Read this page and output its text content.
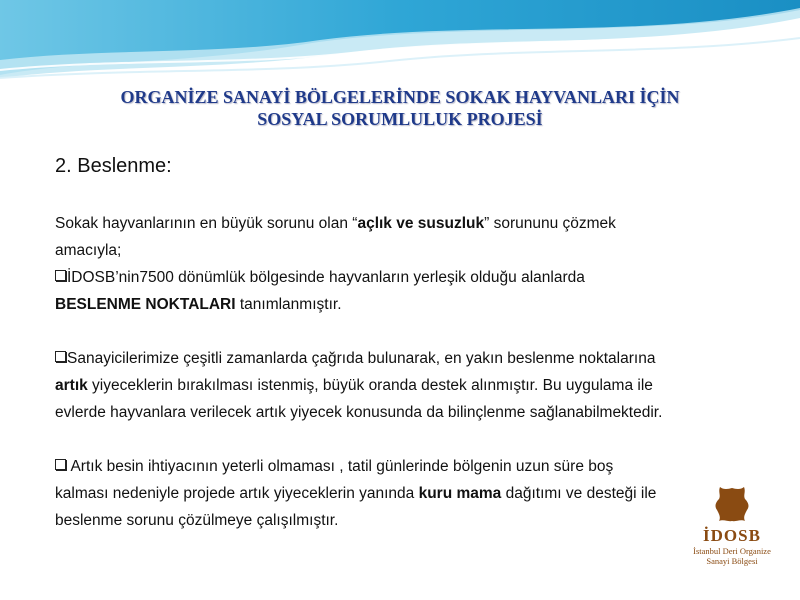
ORGANİZE SANAYİ BÖLGELERİNDE SOKAK HAYVANLARI İÇİN
SOSYAL SORUMLULUK PROJESİ
2. Beslenme:
Sokak hayvanlarının en büyük sorunu olan “açlık ve susuzluk” sorununu çözmek
amacıyla;
İDOSB’nin7500 dönümlük bölgesinde hayvanların yerleşik olduğu alanlarda
BESLENME NOKTALARI tanımlanmıştır.
Sanayicilerimize çeşitli zamanlarda çağrıda bulunarak, en yakın beslenme noktalarına
artık yiyeceklerin bırakılması istenmiş, büyük oranda destek alınmıştır. Bu uygulama ile
evlerde hayvanlara verilecek artık yiyecek konusunda da bilinçlenme sağlanabilmektedir.
Artık besin ihtiyacının yeterli olmaması , tatil günlerinde bölgenin uzun süre boş
kalması nedeniyle projede artık yiyeceklerin yanında kuru mama dağıtımı ve desteği ile
beslenme sorunu çözülmeye çalışılmıştır.
İDOSB
İstanbul Deri Organize
Sanayi Bölgesi
